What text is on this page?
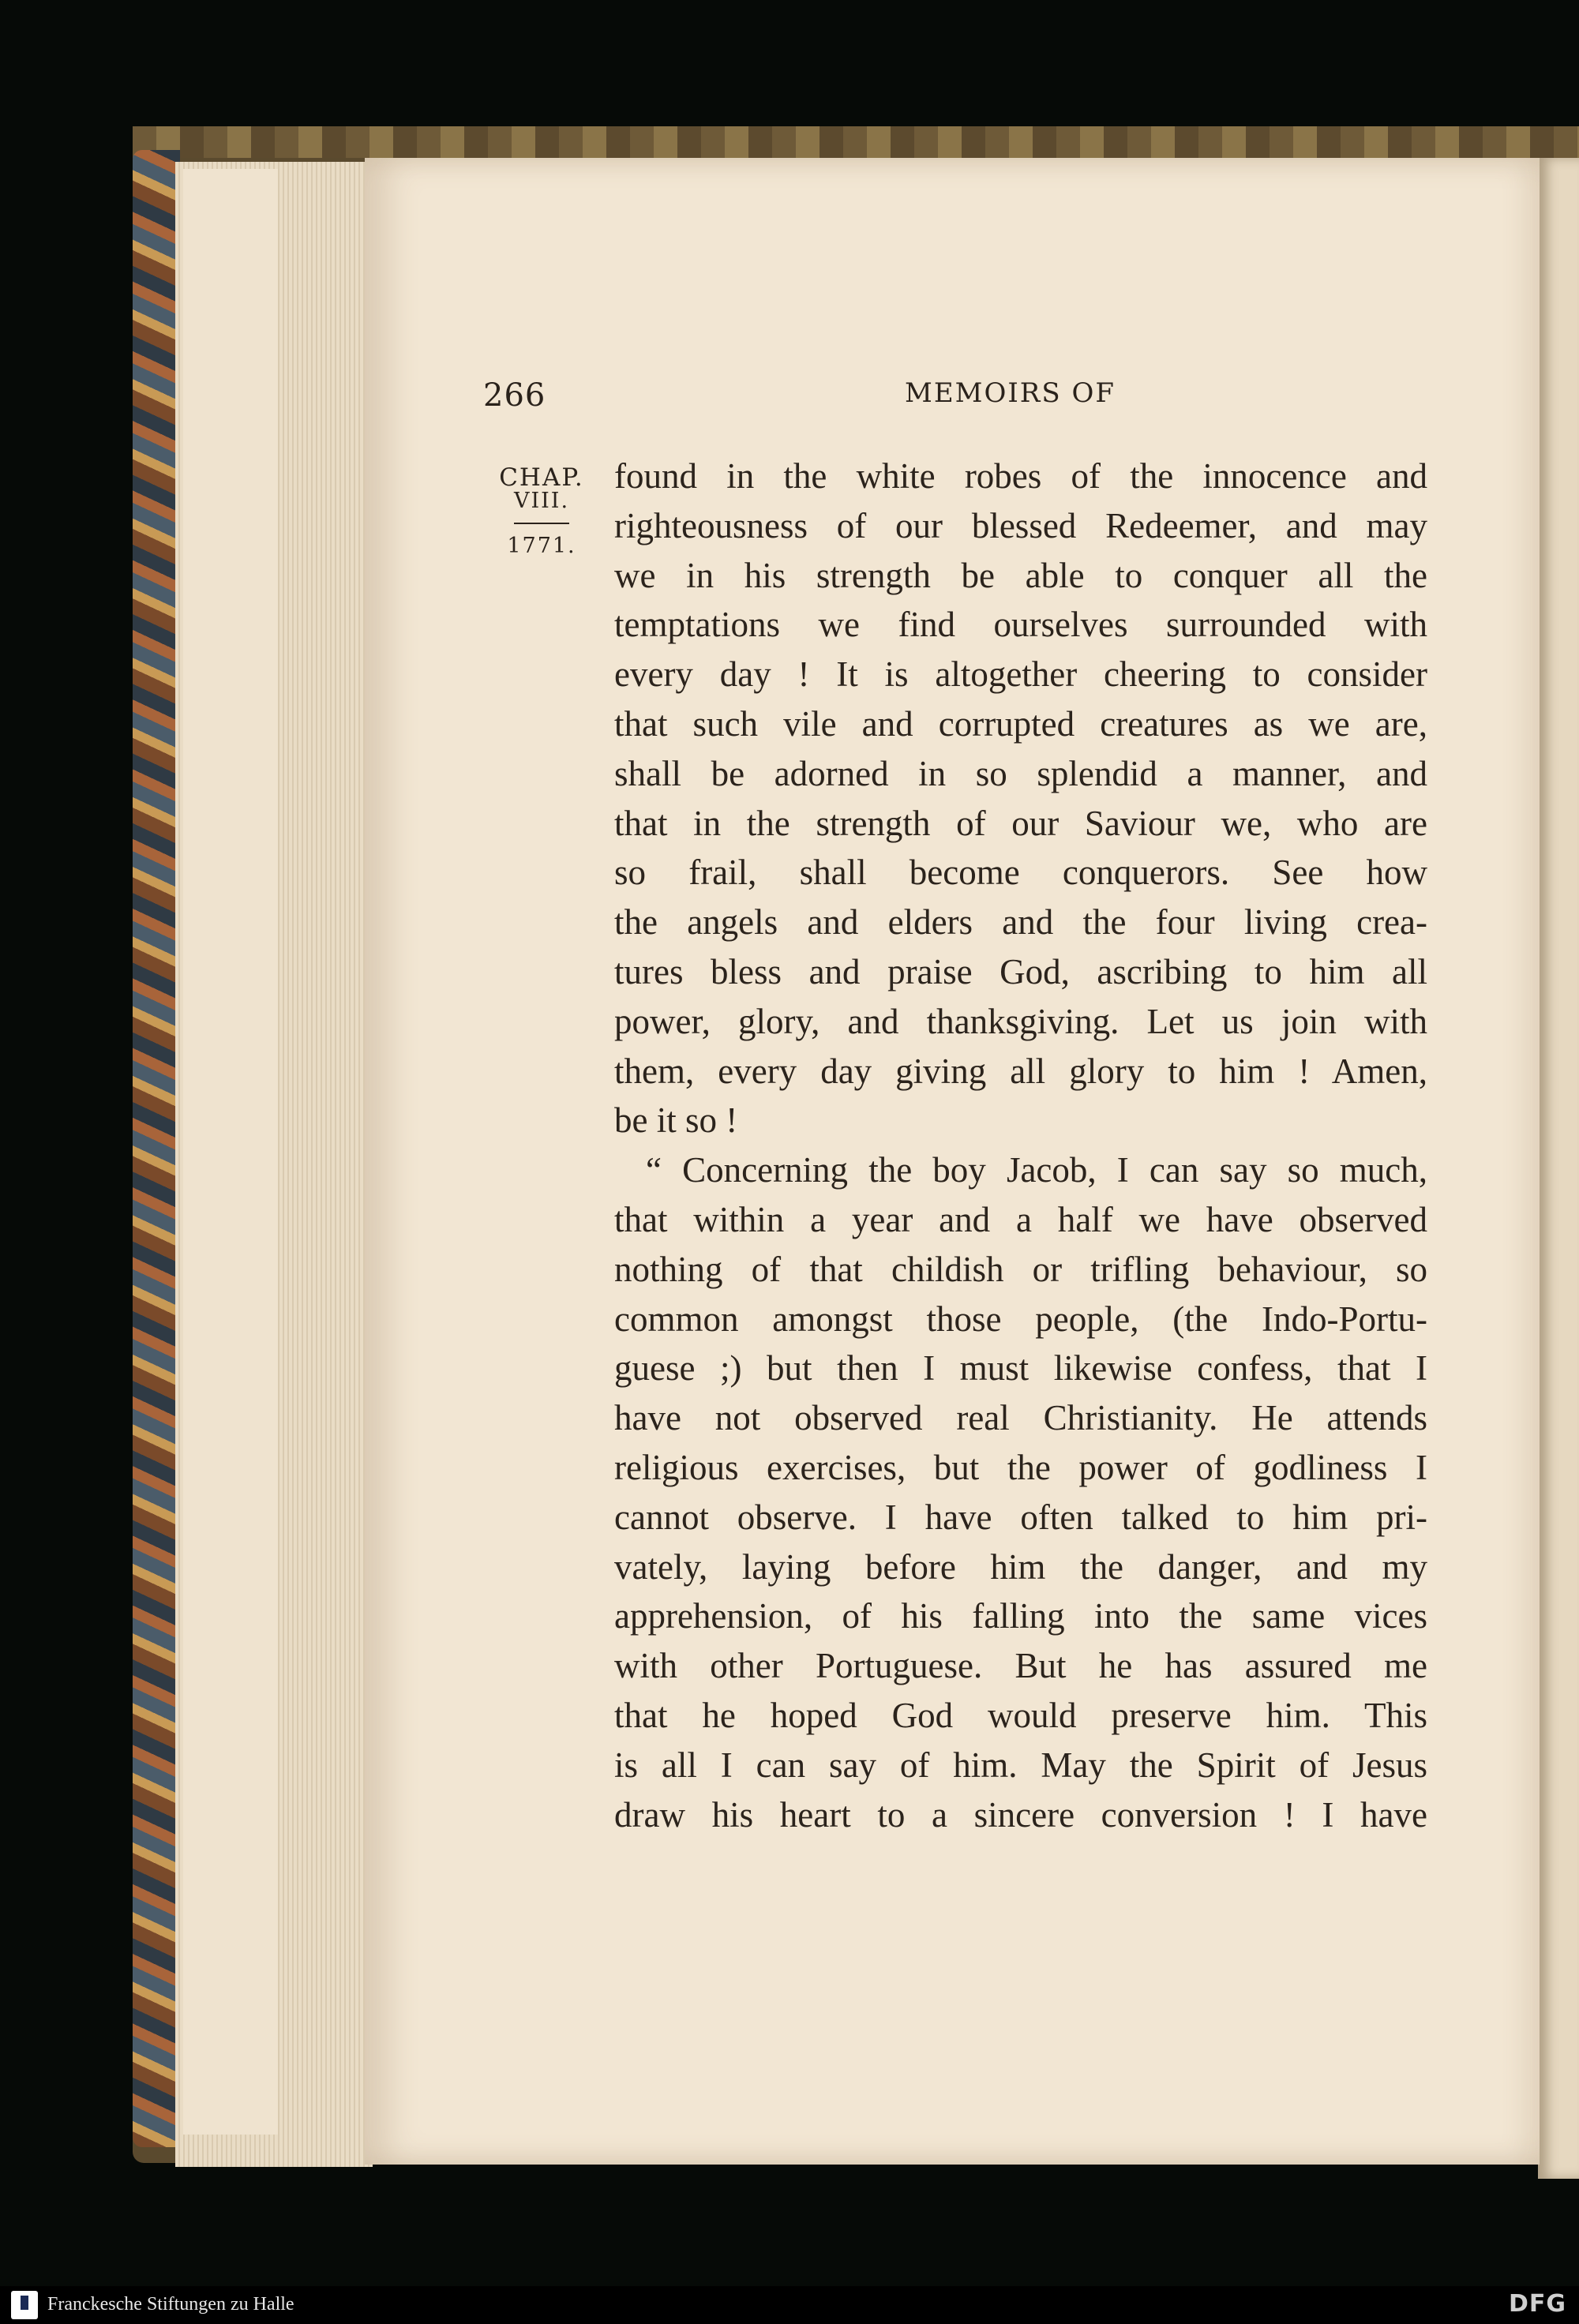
266	MEMOIRS OF
CHAP.
VIII.
1771.
found in the white robes of the innocence and
righteousness of our blessed Redeemer, and may
we in his strength be able to conquer all the
temptations we find ourselves surrounded with
every day ! It is altogether cheering to consider
that such vile and corrupted creatures as we are,
shall be adorned in so splendid a manner, and
that in the strength of our Saviour we, who are
so frail, shall become conquerors. See how
the angels and elders and the four living crea-
tures bless and praise God, ascribing to him all
power, glory, and thanksgiving. Let us join with
them, every day giving all glory to him ! Amen,
be it so !
“ Concerning the boy Jacob, I can say so much,
that within a year and a half we have observed
nothing of that childish or trifling behaviour, so
common amongst those people, (the Indo-Portu-
guese ;) but then I must likewise confess, that I
have not observed real Christianity. He attends
religious exercises, but the power of godliness I
cannot observe. I have often talked to him pri-
vately, laying before him the danger, and my
apprehension, of his falling into the same vices
with other Portuguese. But he has assured me
that he hoped God would preserve him. This
is all I can say of him. May the Spirit of Jesus
draw his heart to a sincere conversion ! I have
Franckesche Stiftungen zu Halle	DFG
